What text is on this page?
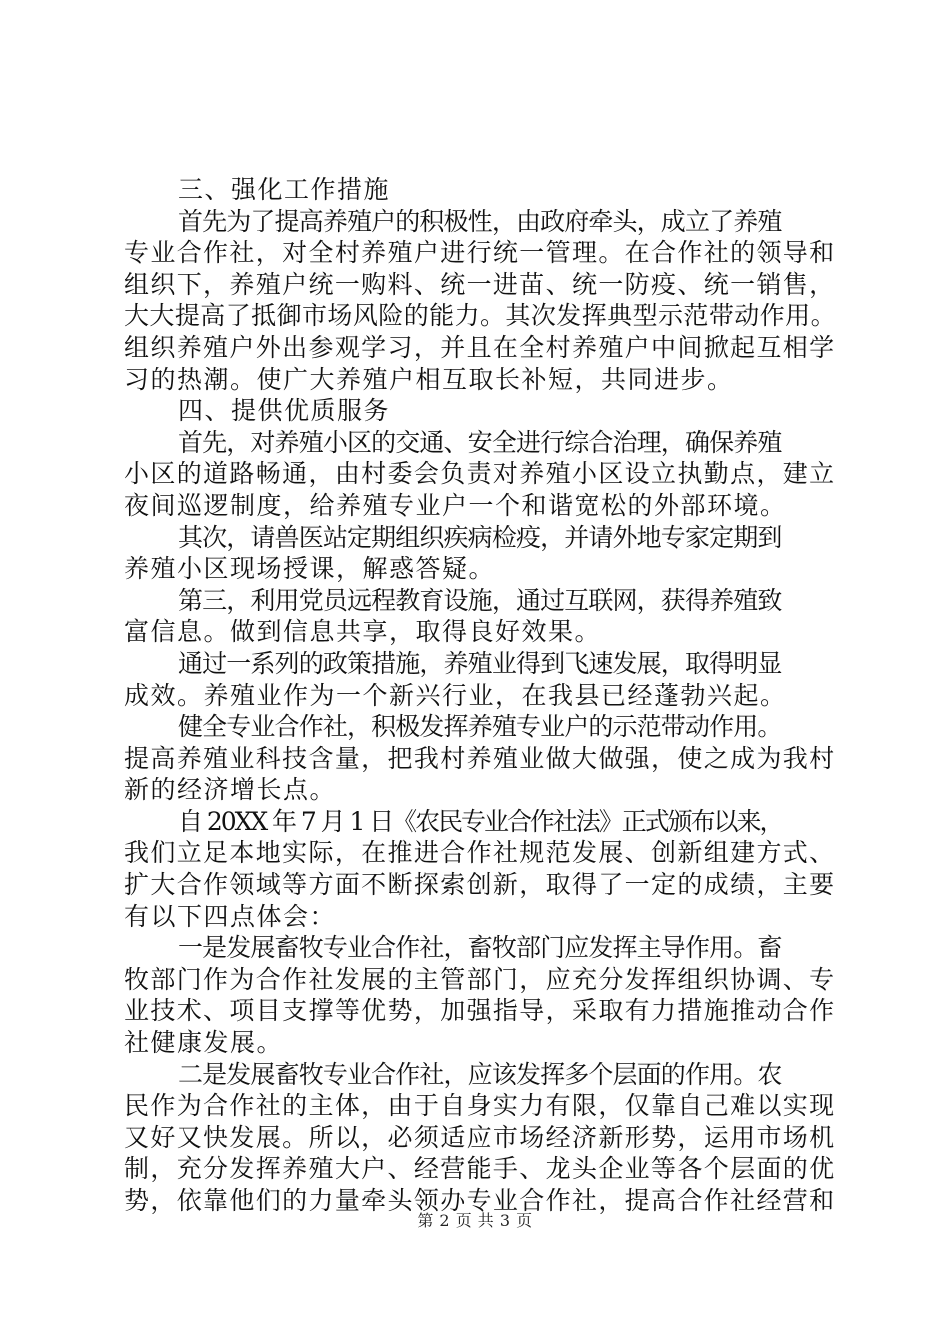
三、强化工作措施
首先为了提高养殖户的积极性，由政府牵头，成立了养殖
专业合作社，对全村养殖户进行统一管理。在合作社的领导和
组织下，养殖户统一购料、统一进苗、统一防疫、统一销售，
大大提高了抵御市场风险的能力。其次发挥典型示范带动作用。
组织养殖户外出参观学习，并且在全村养殖户中间掀起互相学
习的热潮。使广大养殖户相互取长补短，共同进步。
四、提供优质服务
首先，对养殖小区的交通、安全进行综合治理，确保养殖
小区的道路畅通，由村委会负责对养殖小区设立执勤点，建立
夜间巡逻制度，给养殖专业户一个和谐宽松的外部环境。
其次，请兽医站定期组织疾病检疫，并请外地专家定期到
养殖小区现场授课，解惑答疑。
第三，利用党员远程教育设施，通过互联网，获得养殖致
富信息。做到信息共享，取得良好效果。
通过一系列的政策措施，养殖业得到飞速发展，取得明显
成效。养殖业作为一个新兴行业，在我县已经蓬勃兴起。
健全专业合作社，积极发挥养殖专业户的示范带动作用。
提高养殖业科技含量，把我村养殖业做大做强，使之成为我村
新的经济增长点。
自 20XX 年 7 月 1 日《农民专业合作社法》正式颁布以来，
我们立足本地实际，在推进合作社规范发展、创新组建方式、
扩大合作领域等方面不断探索创新，取得了一定的成绩，主要
有以下四点体会：
一是发展畜牧专业合作社，畜牧部门应发挥主导作用。畜
牧部门作为合作社发展的主管部门，应充分发挥组织协调、专
业技术、项目支撑等优势，加强指导，采取有力措施推动合作
社健康发展。
二是发展畜牧专业合作社，应该发挥多个层面的作用。农
民作为合作社的主体，由于自身实力有限，仅靠自己难以实现
又好又快发展。所以，必须适应市场经济新形势，运用市场机
制，充分发挥养殖大户、经营能手、龙头企业等各个层面的优
势，依靠他们的力量牵头领办专业合作社，提高合作社经营和
第 2 页 共 3 页
